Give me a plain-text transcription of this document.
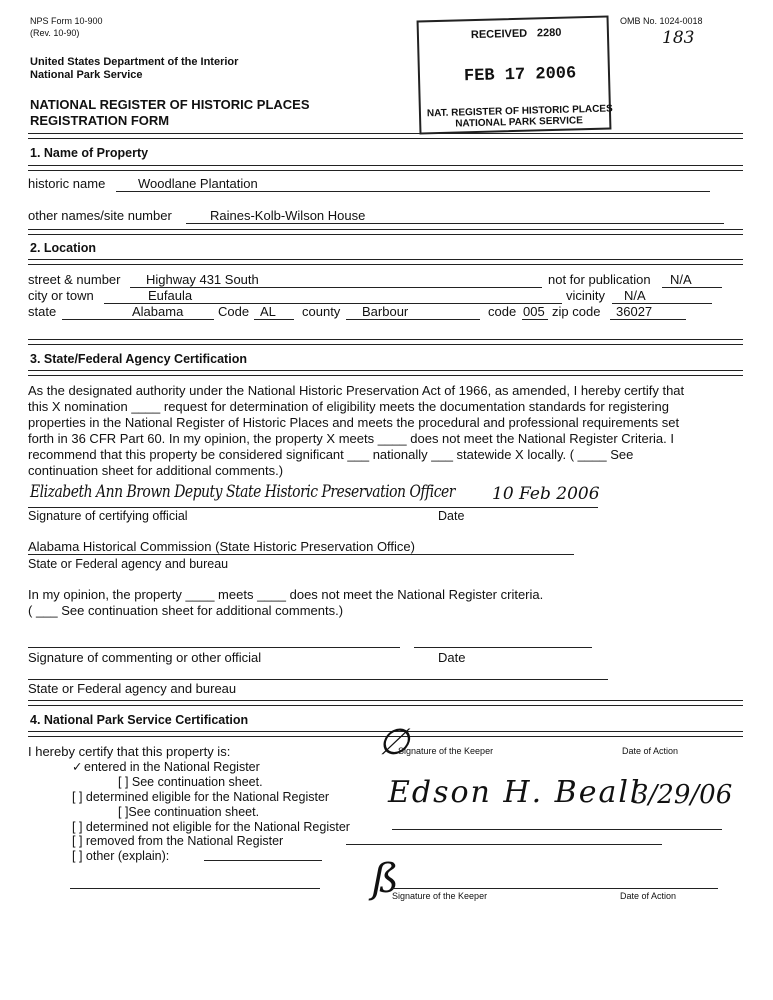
NPS Form 10-900
(Rev. 10-90)
OMB No. 1024-0018
183
United States Department of the Interior
National Park Service
NATIONAL REGISTER OF HISTORIC PLACES
REGISTRATION FORM
RECEIVED 2280
FEB 17 2006
NAT. REGISTER OF HISTORIC PLACES
NATIONAL PARK SERVICE
1. Name of Property
historic name	Woodlane Plantation
other names/site number	Raines-Kolb-Wilson House
2. Location
street & number Highway 431 South	not for publication N/A
city or town	Eufaula	vicinity N/A
state	Alabama	Code AL county Barbour	code 005 zip code 36027
3. State/Federal Agency Certification
As the designated authority under the National Historic Preservation Act of 1966, as amended, I hereby certify that
this X nomination ____ request for determination of eligibility meets the documentation standards for registering
properties in the National Register of Historic Places and meets the procedural and professional requirements set
forth in 36 CFR Part 60. In my opinion, the property X meets ____ does not meet the National Register Criteria. I
recommend that this property be considered significant ___ nationally ___ statewide X locally. ( ____ See
continuation sheet for additional comments.)
Elizabeth Ann Brown Deputy State Historic Preservation Officer 10 Feb 2006
Signature of certifying official	Date
Alabama Historical Commission (State Historic Preservation Office)
State or Federal agency and bureau
In my opinion, the property ____ meets ____ does not meet the National Register criteria.
( ___ See continuation sheet for additional comments.)
Signature of commenting or other official	Date
State or Federal agency and bureau
4. National Park Service Certification
I hereby certify that this property is:
✓ entered in the National Register
[ ] See continuation sheet.
[ ] determined eligible for the National Register
[ ]See continuation sheet.
[ ] determined not eligible for the National Register
[ ] removed from the National Register
[ ] other (explain):
Signature of the Keeper	Date of Action
∅
Edson H. Beall
3/29/06
ß
Signature of the Keeper	Date of Action
